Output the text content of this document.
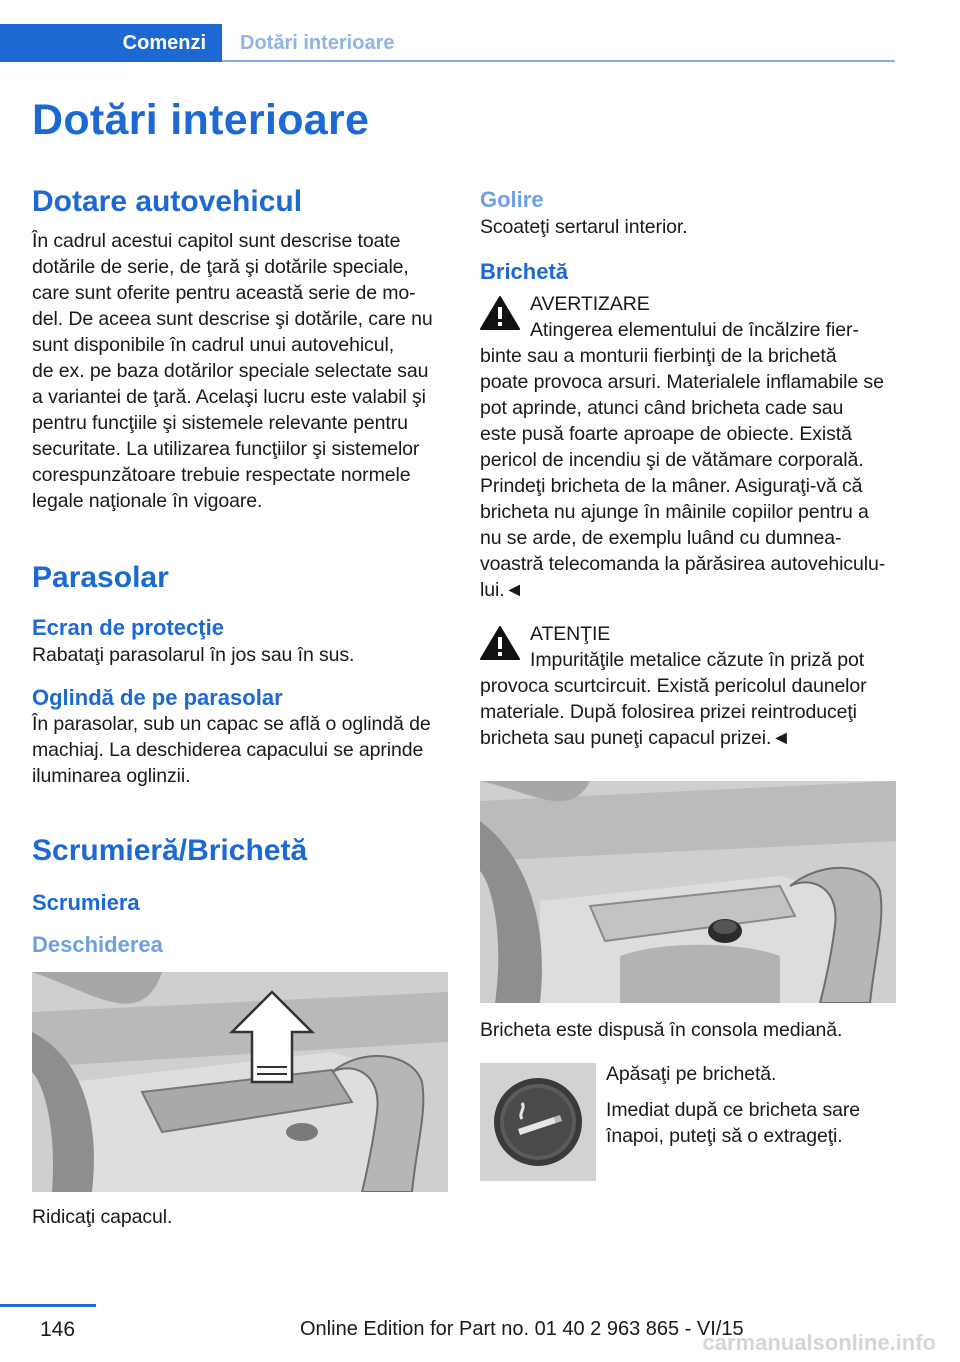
Comenzi Dotări interioare
Dotări interioare
Dotare autovehicul
În cadrul acestui capitol sunt descrise toate
dotările de serie, de ţară şi dotările speciale,
care sunt oferite pentru această serie de mo-
del. De aceea sunt descrise şi dotările, care nu
sunt disponibile în cadrul unui autovehicul,
de ex. pe baza dotărilor speciale selectate sau
a variantei de ţară. Acelaşi lucru este valabil şi
pentru funcţiile şi sistemele relevante pentru
securitate. La utilizarea funcţiilor şi sistemelor
corespunzătoare trebuie respectate normele
legale naţionale în vigoare.
Parasolar
Ecran de protecţie
Rabataţi parasolarul în jos sau în sus.
Oglindă de pe parasolar
În parasolar, sub un capac se află o oglindă de
machiaj. La deschiderea capacului se aprinde
iluminarea oglinzii.
Scrumieră/Brichetă
Scrumiera
Deschiderea
Ridicaţi capacul.
Golire
Scoateţi sertarul interior.
Brichetă
AVERTIZARE
Atingerea elementului de încălzire fier-
binte sau a monturii fierbinţi de la brichetă
poate provoca arsuri. Materialele inflamabile se
pot aprinde, atunci când bricheta cade sau
este pusă foarte aproape de obiecte. Există
pericol de incendiu şi de vătămare corporală.
Prindeţi bricheta de la mâner. Asiguraţi-vă că
bricheta nu ajunge în mâinile copiilor pentru a
nu se arde, de exemplu luând cu dumnea-
voastră telecomanda la părăsirea autovehiculu-
lui.◄
ATENŢIE
Impurităţile metalice căzute în priză pot
provoca scurtcircuit. Există pericolul daunelor
materiale. După folosirea prizei reintroduceţi
bricheta sau puneţi capacul prizei.◄
Bricheta este dispusă în consola mediană.
Apăsaţi pe brichetă.
Imediat după ce bricheta sare
înapoi, puteţi să o extrageţi.
146	Online Edition for Part no. 01 40 2 963 865 - VI/15
carmanualsonline.info
